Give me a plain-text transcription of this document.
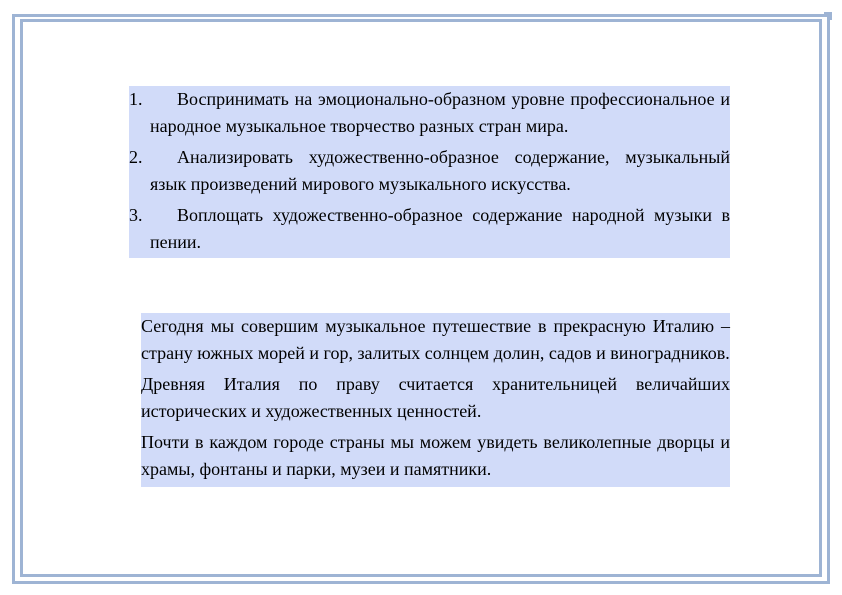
1. Воспринимать на эмоционально-образном уровне профессиональное и народное музыкальное творчество разных стран мира.
2. Анализировать художественно-образное содержание, музыкальный язык произведений мирового музыкального искусства.
3. Воплощать художественно-образное содержание народной музыки в пении.

Сегодня мы совершим музыкальное путешествие в прекрасную Италию – страну южных морей и гор, залитых солнцем долин, садов и виноградников.

Древняя Италия по праву считается хранительницей величайших исторических и художественных ценностей.

Почти в каждом городе страны мы можем увидеть великолепные дворцы и храмы, фонтаны и парки, музеи и памятники.
